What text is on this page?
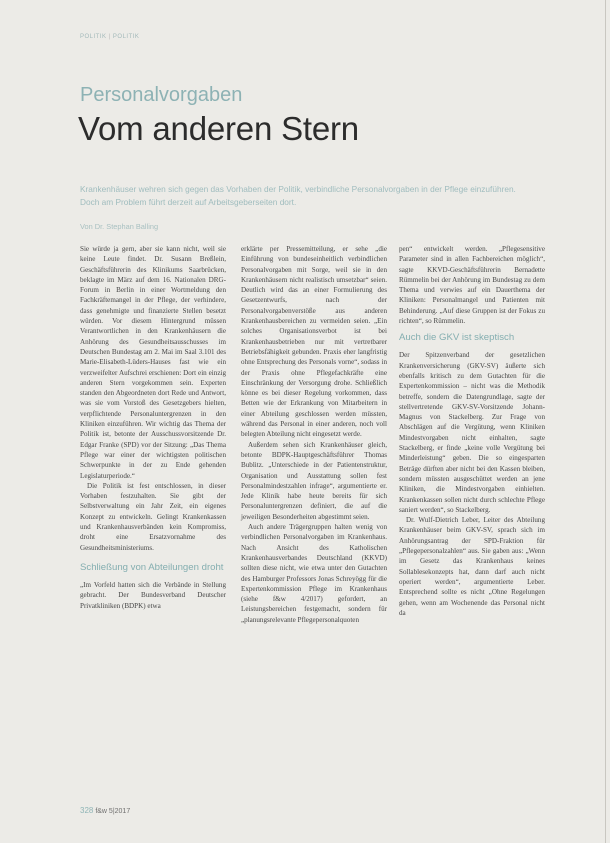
POLITIK | POLITIK
Personalvorgaben
Vom anderen Stern
Krankenhäuser wehren sich gegen das Vorhaben der Politik, verbindliche Personalvorgaben in der Pflege einzuführen. Doch am Problem führt derzeit auf Arbeitsgeberseiten dort.
Von Dr. Stephan Balling

Sie würde ja gern, aber sie kann nicht, weil sie keine Leute findet. Dr. Susann Breßlein, Geschäftsführerin des Klinikums Saarbrücken, beklagte im März auf dem 16. Nationalen DRG-Forum in Berlin in einer Wortmeldung den Fachkräftemangel in der Pflege, der verhindere, dass genehmigte und finanzierte Stellen besetzt würden. Vor diesem Hintergrund müssen Verantwortlichen in den Krankenhäusern die Anhörung des Gesundheitsausschusses im Deutschen Bundestag am 2. Mai im Saal 3.101 des Marie-Elisabeth-Lüders-Hauses fast wie ein verzweifelter Aufschrei erschienen: Dort ein einzig anderen Stern vorgekommen sein. Experten standen den Abgeordneten dort Rede und Antwort, was sie vom Vorstoß des Gesetzgebers hielten, verpflichtende Personaluntergrenzen in den Kliniken einzuführen. Wir wichtig das Thema der Politik ist, betonte der Ausschussvorsitzende Dr. Edgar Franke (SPD) vor der Sitzung: „Das Thema Pflege war einer der wichtigsten politischen Schwerpunkte in der zu Ende gehenden Legislaturperiode.“

Die Politik ist fest entschlossen, in dieser Vorhaben festzuhalten. Sie gibt der Selbstverwaltung ein Jahr Zeit, ein eigenes Konzept zu entwickeln. Gelingt Krankenkassen und Krankenhausverbänden kein Kompromiss, droht eine Ersatzvornahme des Gesundheitsministeriums.

Schließung von Abteilungen droht

„Im Vorfeld hatten sich die Verbände in Stellung gebracht. Der Bundesverband Deutscher Privatkliniken (BDPK) etwa

erklärte per Pressemitteilung, er sehe „die Einführung von bundeseinheitlich verbindlichen Personalvorgaben mit Sorge, weil sie in den Krankenhäusern nicht realistisch umsetzbar“ seien. Deutlich wird das an einer Formulierung des Gesetzentwurfs, nach der Personalvorgabenverstöße aus anderen Krankenhausbereichen zu vermeiden seien. „Ein solches Organisationsverbot ist bei Krankenhausbetrieben nur mit vertretbarer Betriebsfähigkeit gebunden. Praxis eher langfristig ohne Entsprechung des Personals vorne“, sodass in der Praxis ohne Pflegefachkräfte eine Einschränkung der Versorgung drohe. Schließlich könne es bei dieser Regelung vorkommen, dass Betten wie der Erkrankung von Mitarbeitern in einer Abteilung geschlossen werden müssten, während das Personal in einer anderen, noch voll belegten Abteilung nicht eingesetzt werde.

Außerdem sehen sich Krankenhäuser gleich, betonte BDPK-Hauptgeschäftsführer Thomas Bublitz. „Unterschiede in der Patientenstruktur, Organisation und Ausstattung sollen fest Personalmindestzahlen infrage“, argumentierte er. Jede Klinik habe heute bereits für sich Personaluntergrenzen definiert, die auf die jeweiligen Besonderheiten abgestimmt seien.

Auch andere Trägergruppen halten wenig von verbindlichen Personalvorgaben im Krankenhaus. Nach Ansicht des Katholischen Krankenhausverbandes Deutschland (KKVD) sollten diese nicht, wie etwa unter den Gutachten des Hamburger Professors Jonas Schreyögg für die Expertenkommission Pflege im Krankenhaus (siehe f&w 4/2017) gefordert, an Leistungsbereichen festgemacht, sondern für „planungsrelevante Pflegepersonalquoten

pen“ entwickelt werden. „Pflegesensitive Parameter sind in allen Fachbereichen möglich“, sagte KKVD-Geschäftsführerin Bernadette Rümmelin bei der Anhörung im Bundestag zu dem Thema und verwies auf ein Dauerthema der Kliniken: Personalmangel und Patienten mit Behinderung. „Auf diese Gruppen ist der Fokus zu richten“, so Rümmelin.

Auch die GKV ist skeptisch

Der Spitzenverband der gesetzlichen Krankenversicherung (GKV-SV) äußerte sich ebenfalls kritisch zu dem Gutachten für die Expertenkommission – nicht was die Methodik betreffe, sondern die Datengrundlage, sagte der stellvertretende GKV-SV-Vorsitzende Johann-Magnus von Stackelberg. Zur Frage von Abschlägen auf die Vergütung, wenn Kliniken Mindestvorgaben nicht einhalten, sagte Stackelberg, er finde „keine volle Vergütung bei Minderleistung“ geben. Die so eingesparten Beträge dürften aber nicht bei den Kassen bleiben, sondern müssten ausgeschüttet werden an jene Kliniken, die Mindestvorgaben einhielten. Krankenkassen sollen nicht durch schlechte Pflege saniert werden“, so Stackelberg.

Dr. Wulf-Dietrich Leber, Leiter des Abteilung Krankenhäuser beim GKV-SV, sprach sich im Anhörungsantrag der SPD-Fraktion für „Pflegepersonalzahlen“ aus. Sie gaben aus: „Wenn im Gesetz das Krankenhaus keines Sollablesekonzepts hat, dann darf auch nicht operiert werden“, argumentierte Leber. Entsprechend sollte es nicht „Ohne Regelungen gehen, wenn am Wochenende das Personal nicht da

328 f&w 5|2017
